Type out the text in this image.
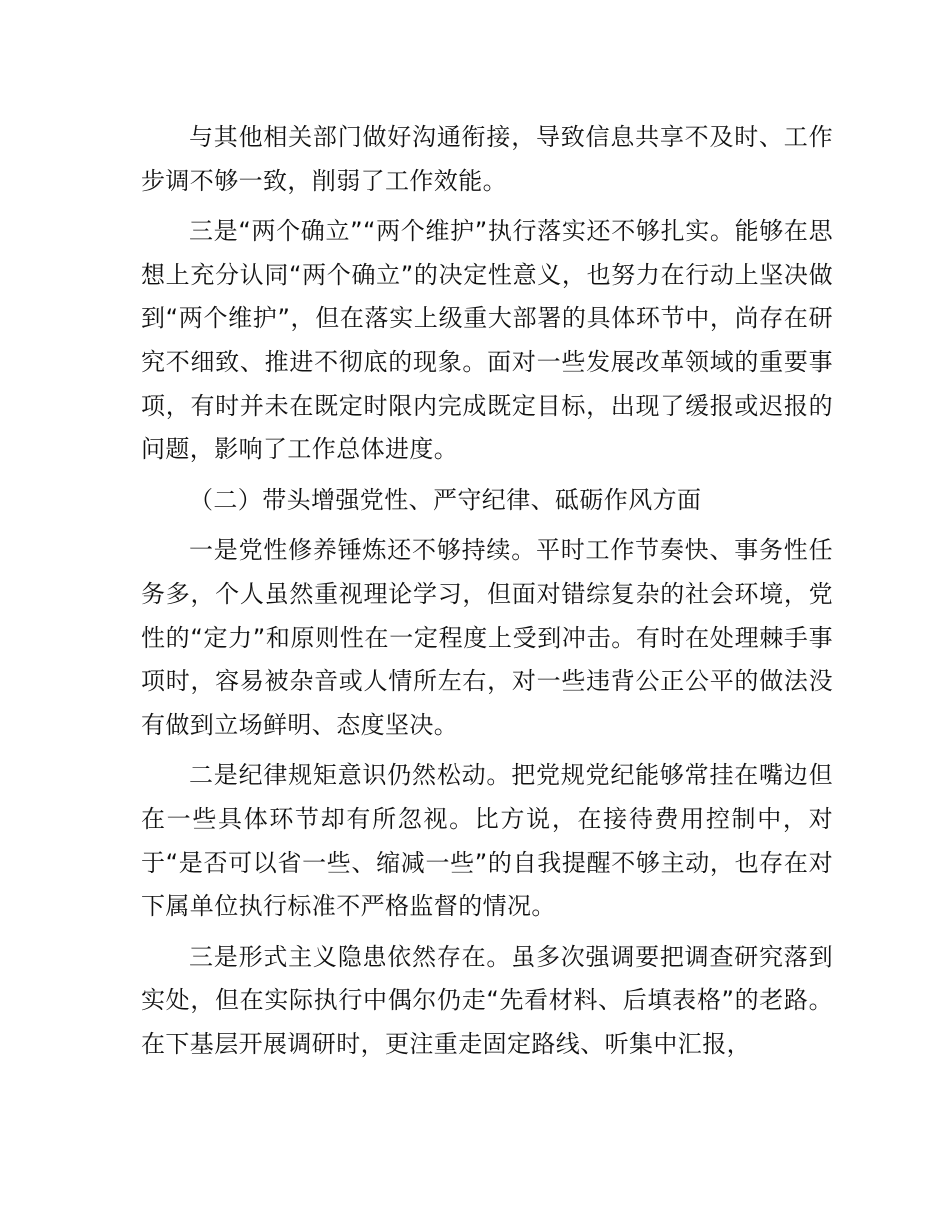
与其他相关部门做好沟通衔接，导致信息共享不及时、工作步调不够一致，削弱了工作效能。

三是“两个确立”“两个维护”执行落实还不够扎实。能够在思想上充分认同“两个确立”的决定性意义，也努力在行动上坚决做到“两个维护”，但在落实上级重大部署的具体环节中，尚存在研究不细致、推进不彻底的现象。面对一些发展改革领域的重要事项，有时并未在既定时限内完成既定目标，出现了缓报或迟报的问题，影响了工作总体进度。

（二）带头增强党性、严守纪律、砥砺作风方面

一是党性修养锤炼还不够持续。平时工作节奏快、事务性任务多，个人虽然重视理论学习，但面对错综复杂的社会环境，党性的“定力”和原则性在一定程度上受到冲击。有时在处理棘手事项时，容易被杂音或人情所左右，对一些违背公正公平的做法没有做到立场鲜明、态度坚决。

二是纪律规矩意识仍然松动。把党规党纪能够常挂在嘴边但在一些具体环节却有所忽视。比方说，在接待费用控制中，对于“是否可以省一些、缩减一些”的自我提醒不够主动，也存在对下属单位执行标准不严格监督的情况。

三是形式主义隐患依然存在。虽多次强调要把调查研究落到实处，但在实际执行中偶尔仍走“先看材料、后填表格”的老路。在下基层开展调研时，更注重走固定路线、听集中汇报，
